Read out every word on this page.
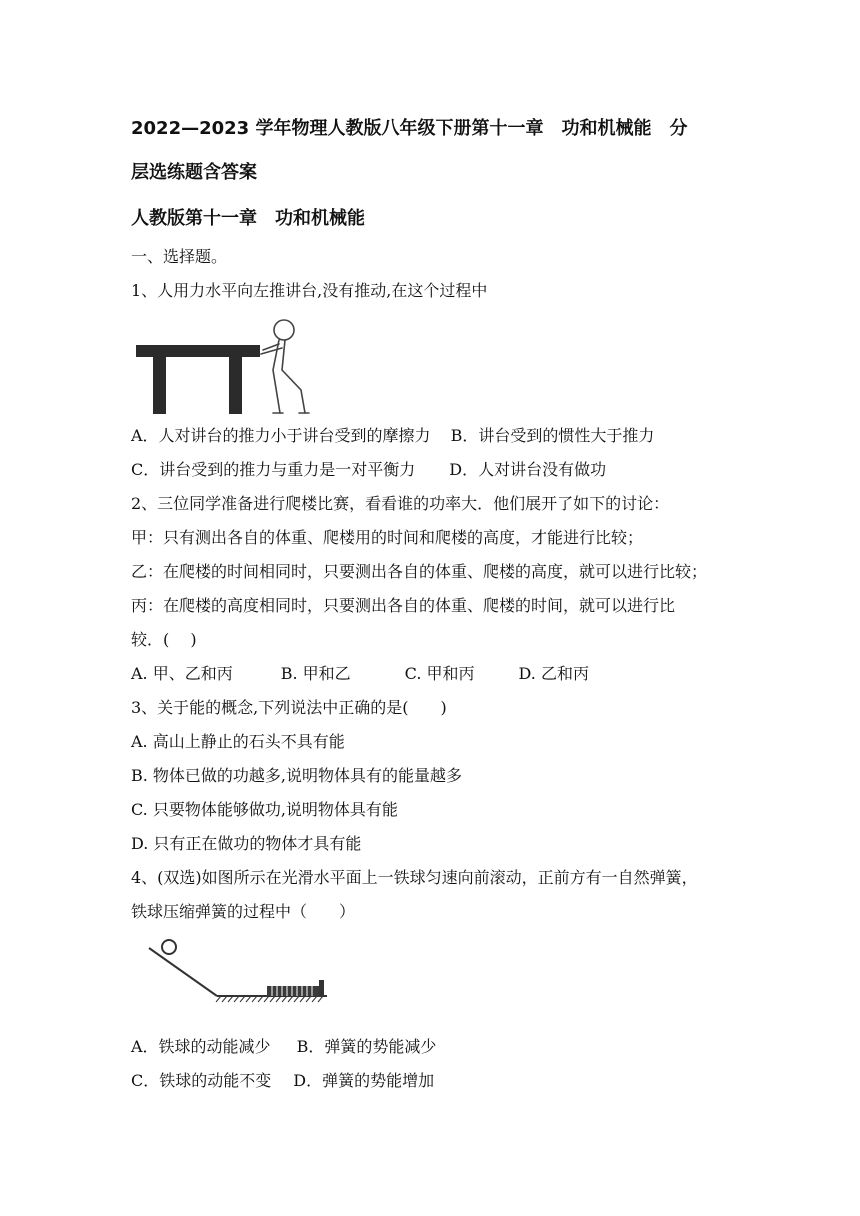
2022—2023 学年物理人教版八年级下册第十一章　功和机械能　分
层选练题含答案
人教版第十一章　功和机械能
一、选择题。
1、人用力水平向左推讲台,没有推动,在这个过程中
A．人对讲台的推力小于讲台受到的摩擦力 B．讲台受到的惯性大于推力
C．讲台受到的推力与重力是一对平衡力 D．人对讲台没有做功
2、三位同学准备进行爬楼比赛，看看谁的功率大．他们展开了如下的讨论：
甲：只有测出各自的体重、爬楼用的时间和爬楼的高度，才能进行比较；
乙：在爬楼的时间相同时，只要测出各自的体重、爬楼的高度，就可以进行比较；
丙：在爬楼的高度相同时，只要测出各自的体重、爬楼的时间，就可以进行比
较．(　 )
A. 甲、乙和丙	B. 甲和乙	C. 甲和丙	D. 乙和丙
3、关于能的概念,下列说法中正确的是(　　)
A. 高山上静止的石头不具有能
B. 物体已做的功越多,说明物体具有的能量越多
C. 只要物体能够做功,说明物体具有能
D. 只有正在做功的物体才具有能
4、(双选)如图所示在光滑水平面上一铁球匀速向前滚动，正前方有一自然弹簧，
铁球压缩弹簧的过程中（　　）
A．铁球的动能减少 B．弹簧的势能减少
C．铁球的动能不变 D．弹簧的势能增加
